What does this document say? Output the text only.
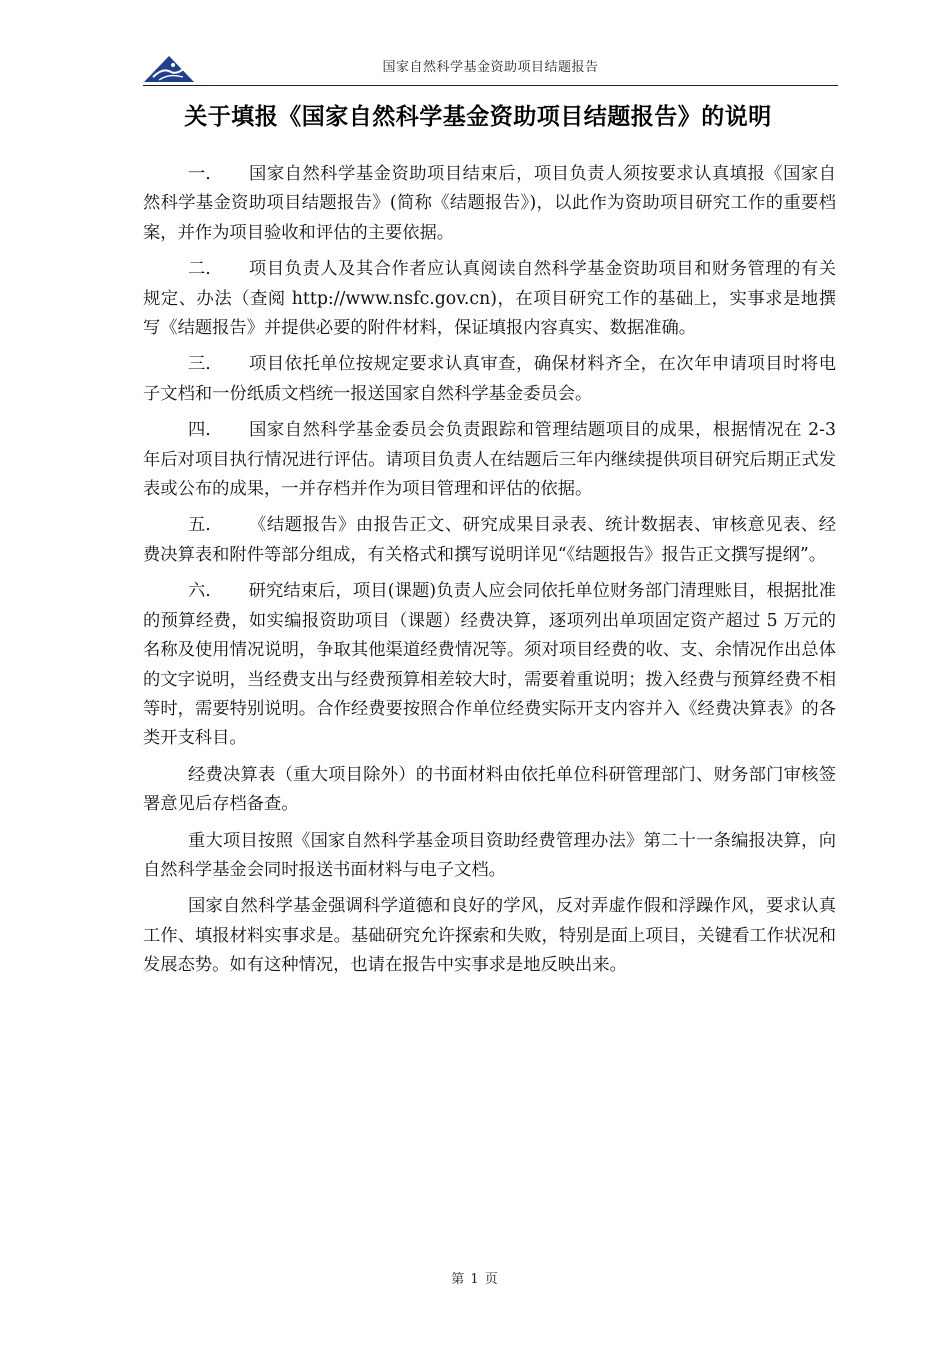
国家自然科学基金资助项目结题报告
关于填报《国家自然科学基金资助项目结题报告》的说明

一. 国家自然科学基金资助项目结束后，项目负责人须按要求认真填报《国家自然科学基金资助项目结题报告》(简称《结题报告》)，以此作为资助项目研究工作的重要档案，并作为项目验收和评估的主要依据。

二. 项目负责人及其合作者应认真阅读自然科学基金资助项目和财务管理的有关规定、办法（查阅 http://www.nsfc.gov.cn)，在项目研究工作的基础上，实事求是地撰写《结题报告》并提供必要的附件材料，保证填报内容真实、数据准确。

三. 项目依托单位按规定要求认真审查，确保材料齐全，在次年申请项目时将电子文档和一份纸质文档统一报送国家自然科学基金委员会。

四. 国家自然科学基金委员会负责跟踪和管理结题项目的成果，根据情况在 2-3 年后对项目执行情况进行评估。请项目负责人在结题后三年内继续提供项目研究后期正式发表或公布的成果，一并存档并作为项目管理和评估的依据。

五. 《结题报告》由报告正文、研究成果目录表、统计数据表、审核意见表、经费决算表和附件等部分组成，有关格式和撰写说明详见“《结题报告》报告正文撰写提纲”。

六. 研究结束后，项目(课题)负责人应会同依托单位财务部门清理账目，根据批准的预算经费，如实编报资助项目（课题）经费决算，逐项列出单项固定资产超过 5 万元的名称及使用情况说明，争取其他渠道经费情况等。须对项目经费的收、支、余情况作出总体的文字说明，当经费支出与经费预算相差较大时，需要着重说明；拨入经费与预算经费不相等时，需要特别说明。合作经费要按照合作单位经费实际开支内容并入《经费决算表》的各类开支科目。

经费决算表（重大项目除外）的书面材料由依托单位科研管理部门、财务部门审核签署意见后存档备查。

重大项目按照《国家自然科学基金项目资助经费管理办法》第二十一条编报决算，向自然科学基金会同时报送书面材料与电子文档。

国家自然科学基金强调科学道德和良好的学风，反对弄虚作假和浮躁作风，要求认真工作、填报材料实事求是。基础研究允许探索和失败，特别是面上项目，关键看工作状况和发展态势。如有这种情况，也请在报告中实事求是地反映出来。

第 1 页
